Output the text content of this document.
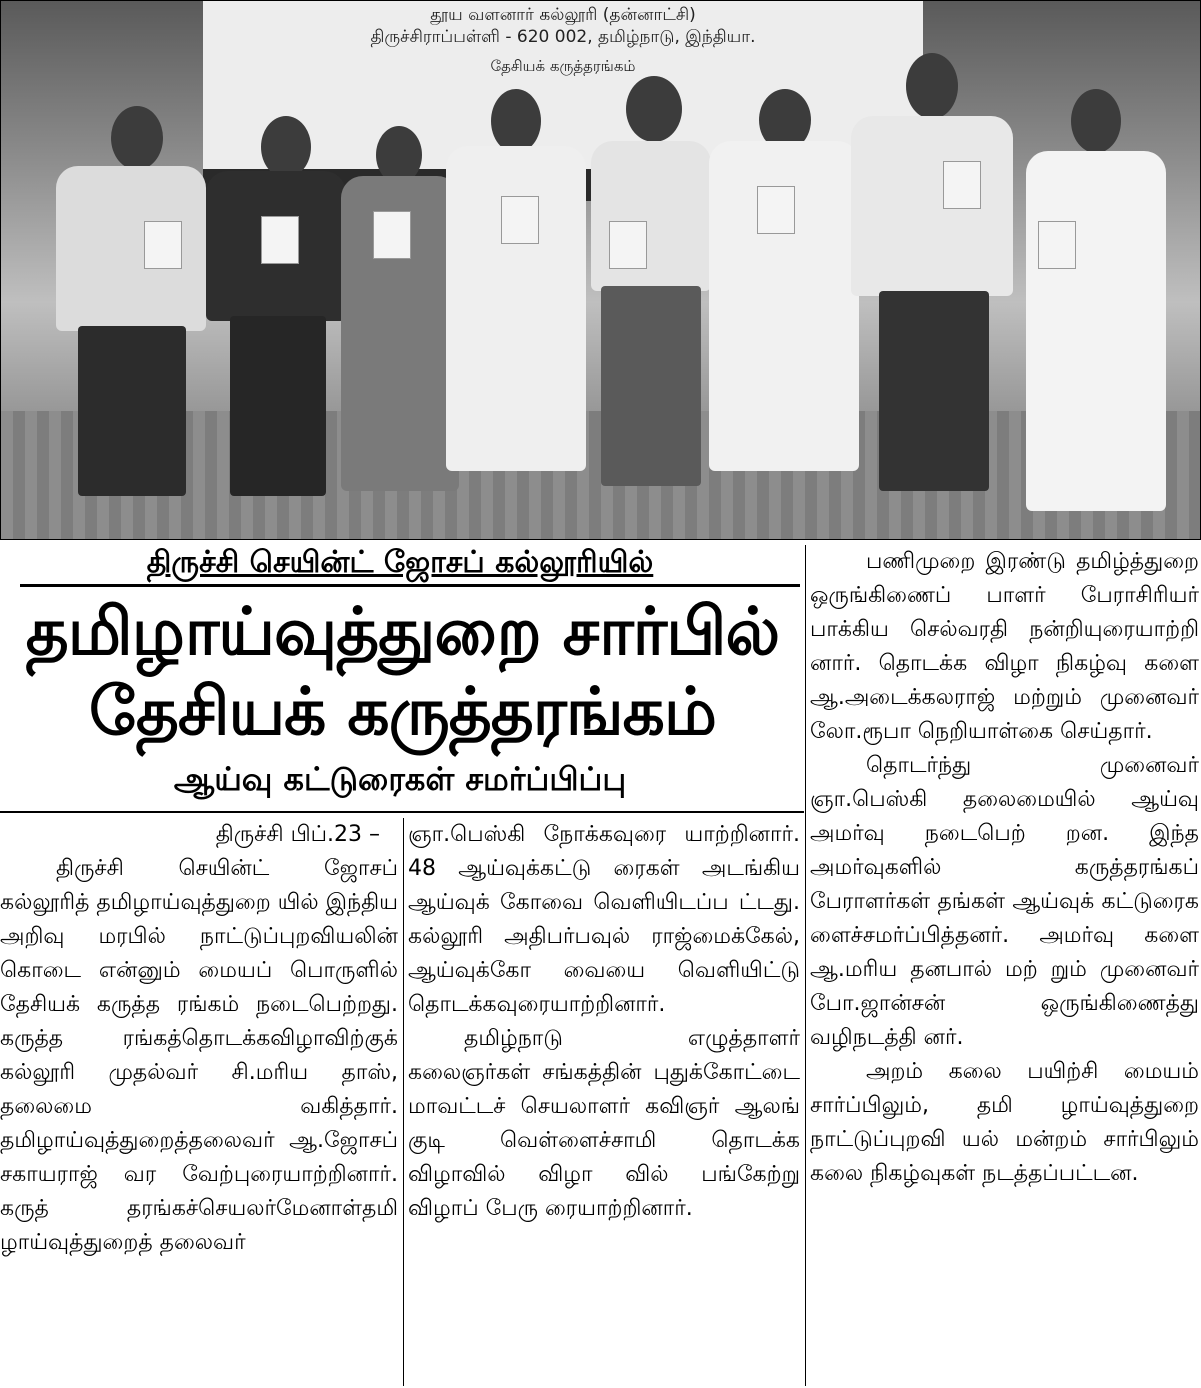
தூய வளனார் கல்லூரி (தன்னாட்சி)
திருச்சிராப்பள்ளி - 620 002, தமிழ்நாடு, இந்தியா.
தேசியக் கருத்தரங்கம்
திருச்சி செயின்ட் ஜோசப் கல்லூரியில்
தமிழாய்வுத்துறை சார்பில்
தேசியக் கருத்தரங்கம்
ஆய்வு கட்டுரைகள் சமர்ப்பிப்பு

திருச்சி பிப்.23 –

திருச்சி செயின்ட் ஜோசப் கல்லூரித் தமிழாய்வுத்துறை யில் இந்திய அறிவு மரபில் நாட்டுப்புறவியலின் கொடை என்னும் மையப் பொருளில் தேசியக் கருத்த ரங்கம் நடைபெற்றது. கருத்த ரங்கத்தொடக்கவிழாவிற்குக் கல்லூரி முதல்வர் சி.மரிய தாஸ், தலைமை வகித்தார். தமிழாய்வுத்துறைத்தலைவர் ஆ.ஜோசப் சகாயராஜ் வர வேற்புரையாற்றினார். கருத் தரங்கச்செயலர்மேனாள்தமி ழாய்வுத்துறைத் தலைவர்

ஞா.பெஸ்கி நோக்கவுரை யாற்றினார். 48 ஆய்வுக்கட்டு ரைகள் அடங்கிய ஆய்வுக் கோவை வெளியிடப்ப ட்டது. கல்லூரி அதிபர்பவுல் ராஜ்மைக்கேல், ஆய்வுக்கோ வையை வெளியிட்டு தொடக்கவுரையாற்றினார்.

தமிழ்நாடு எழுத்தாளர் கலைஞர்கள் சங்கத்தின் புதுக்கோட்டை மாவட்டச் செயலாளர் கவிஞர் ஆலங் குடி வெள்ளைச்சாமி தொடக்க விழாவில் விழா வில் பங்கேற்று விழாப் பேரு ரையாற்றினார்.

பணிமுறை இரண்டு தமிழ்த்துறை ஒருங்கிணைப் பாளர் பேராசிரியர் பாக்கிய செல்வரதி நன்றியுரையாற்றி னார். தொடக்க விழா நிகழ்வு களை ஆ.அடைக்கலராஜ் மற்றும் முனைவர் லோ.ரூபா நெறியாள்கை செய்தார்.

தொடர்ந்து முனைவர் ஞா.பெஸ்கி தலைமையில் ஆய்வு அமர்வு நடைபெற் றன. இந்த அமர்வுகளில் கருத்தரங்கப் பேராளர்கள் தங்கள் ஆய்வுக் கட்டுரைக ளைச்சமர்ப்பித்தனர். அமர்வு களை ஆ.மரிய தனபால் மற் றும் முனைவர் போ.ஜான்சன் ஒருங்கிணைத்து வழிநடத்தி னர்.

அறம் கலை பயிற்சி மையம் சார்ப்பிலும், தமி ழாய்வுத்துறை நாட்டுப்புறவி யல் மன்றம் சார்பிலும் கலை நிகழ்வுகள் நடத்தப்பட்டன.
